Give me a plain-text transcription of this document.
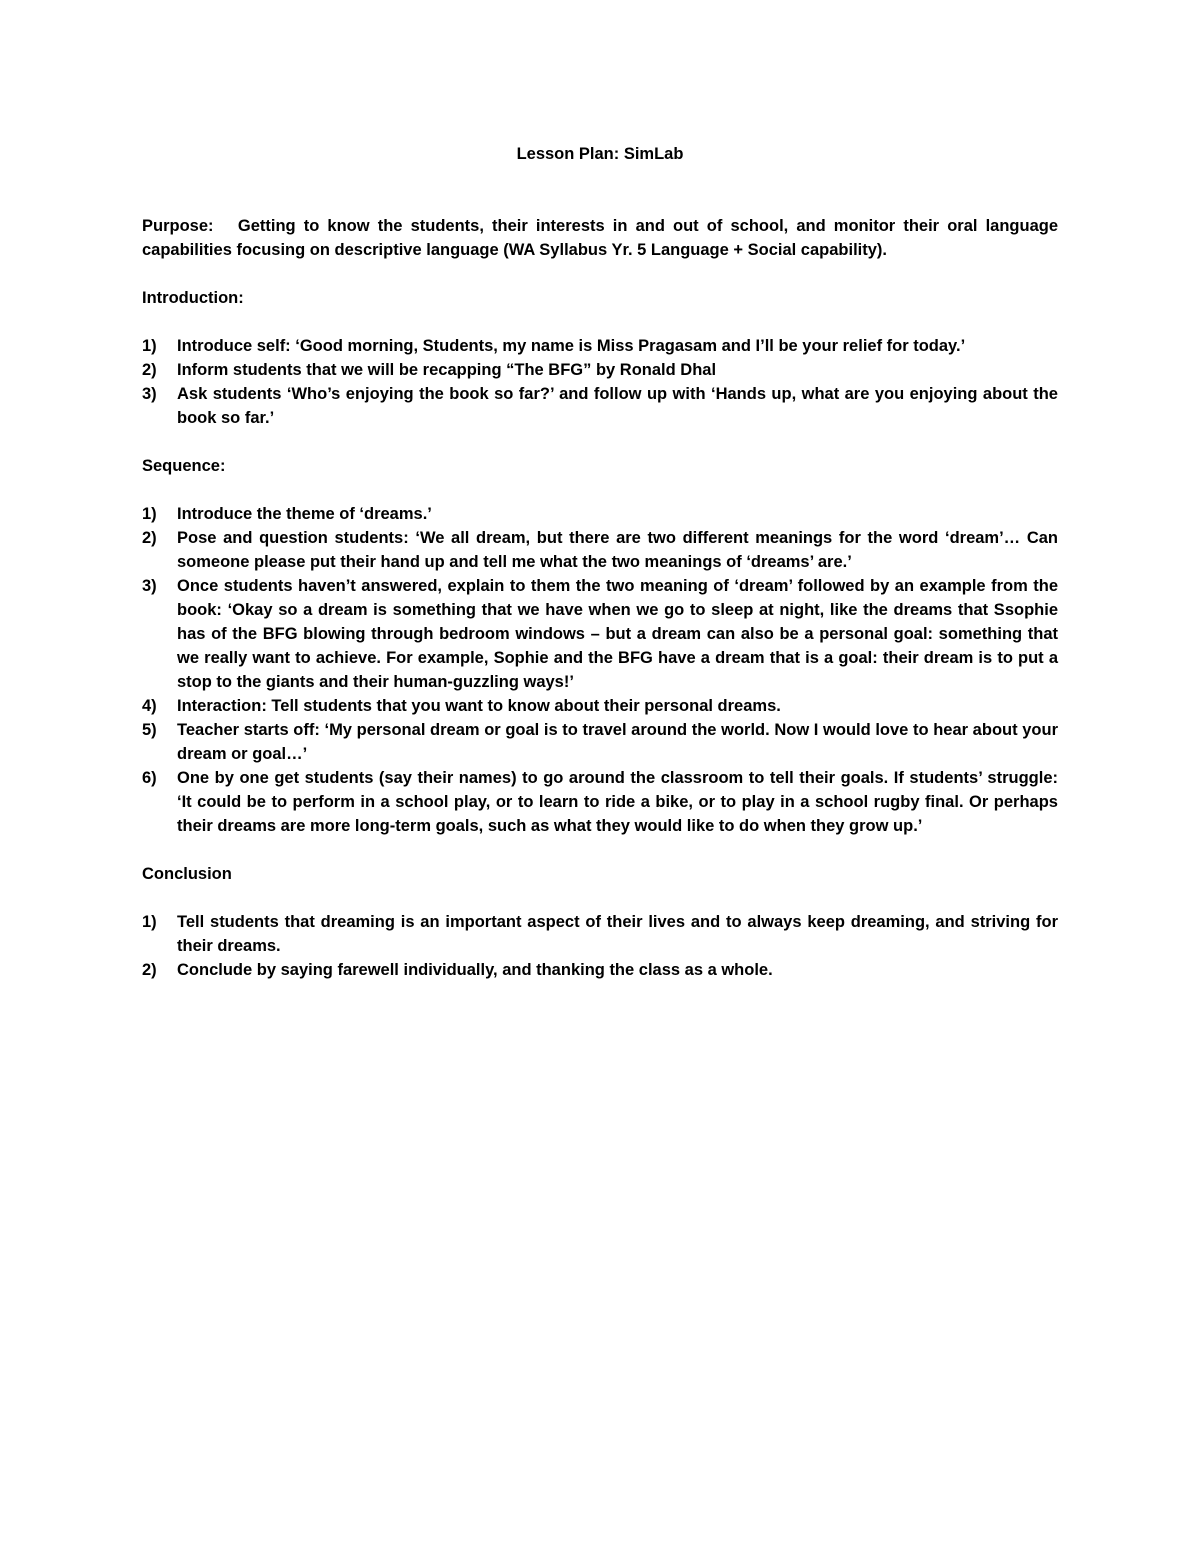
Lesson Plan: SimLab
Purpose: Getting to know the students, their interests in and out of school, and monitor their oral language capabilities focusing on descriptive language (WA Syllabus Yr. 5 Language + Social capability).
Introduction:
1)	Introduce self: ‘Good morning, Students, my name is Miss Pragasam and I’ll be your relief for today.’
2)	Inform students that we will be recapping “The BFG” by Ronald Dhal
3)	Ask students ‘Who’s enjoying the book so far?’ and follow up with ‘Hands up, what are you enjoying about the book so far.’
Sequence:
1)	Introduce the theme of ‘dreams.’
2)	Pose and question students: ‘We all dream, but there are two different meanings for the word ‘dream’… Can someone please put their hand up and tell me what the two meanings of ‘dreams’ are.’
3)	Once students haven’t answered, explain to them the two meaning of ‘dream’ followed by an example from the book: ‘Okay so a dream is something that we have when we go to sleep at night, like the dreams that Ssophie has of the BFG blowing through bedroom windows – but a dream can also be a personal goal: something that we really want to achieve. For example, Sophie and the BFG have a dream that is a goal: their dream is to put a stop to the giants and their human-guzzling ways!’
4)	Interaction: Tell students that you want to know about their personal dreams.
5)	Teacher starts off: ‘My personal dream or goal is to travel around the world. Now I would love to hear about your dream or goal…’
6)	One by one get students (say their names) to go around the classroom to tell their goals. If students’ struggle: ‘It could be to perform in a school play, or to learn to ride a bike, or to play in a school rugby final. Or perhaps their dreams are more long-term goals, such as what they would like to do when they grow up.’
Conclusion
1)	Tell students that dreaming is an important aspect of their lives and to always keep dreaming, and striving for their dreams.
2)	Conclude by saying farewell individually, and thanking the class as a whole.
